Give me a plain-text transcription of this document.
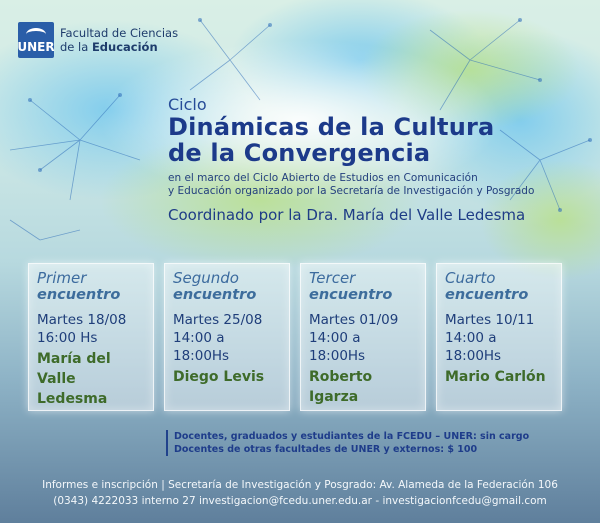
UNER
Facultad de Ciencias
de la Educación
Ciclo
Dinámicas de la Cultura
de la Convergencia
en el marco del Ciclo Abierto de Estudios en Comunicación
y Educación organizado por la Secretaría de Investigación y Posgrado
Coordinado por la Dra. María del Valle Ledesma
Primer
encuentro
Martes 18/08
16:00 Hs
María del Valle
Ledesma
Segundo
encuentro
Martes 25/08
14:00 a 18:00Hs
Diego Levis
Tercer
encuentro
Martes 01/09
14:00 a 18:00Hs
Roberto Igarza
Cuarto
encuentro
Martes 10/11
14:00 a 18:00Hs
Mario Carlón
Docentes, graduados y estudiantes de la FCEDU – UNER: sin cargo
Docentes de otras facultades de UNER y externos: $ 100
Informes e inscripción | Secretaría de Investigación y Posgrado: Av. Alameda de la Federación 106
(0343) 4222033 interno 27 investigacion@fcedu.uner.edu.ar - investigacionfcedu@gmail.com
